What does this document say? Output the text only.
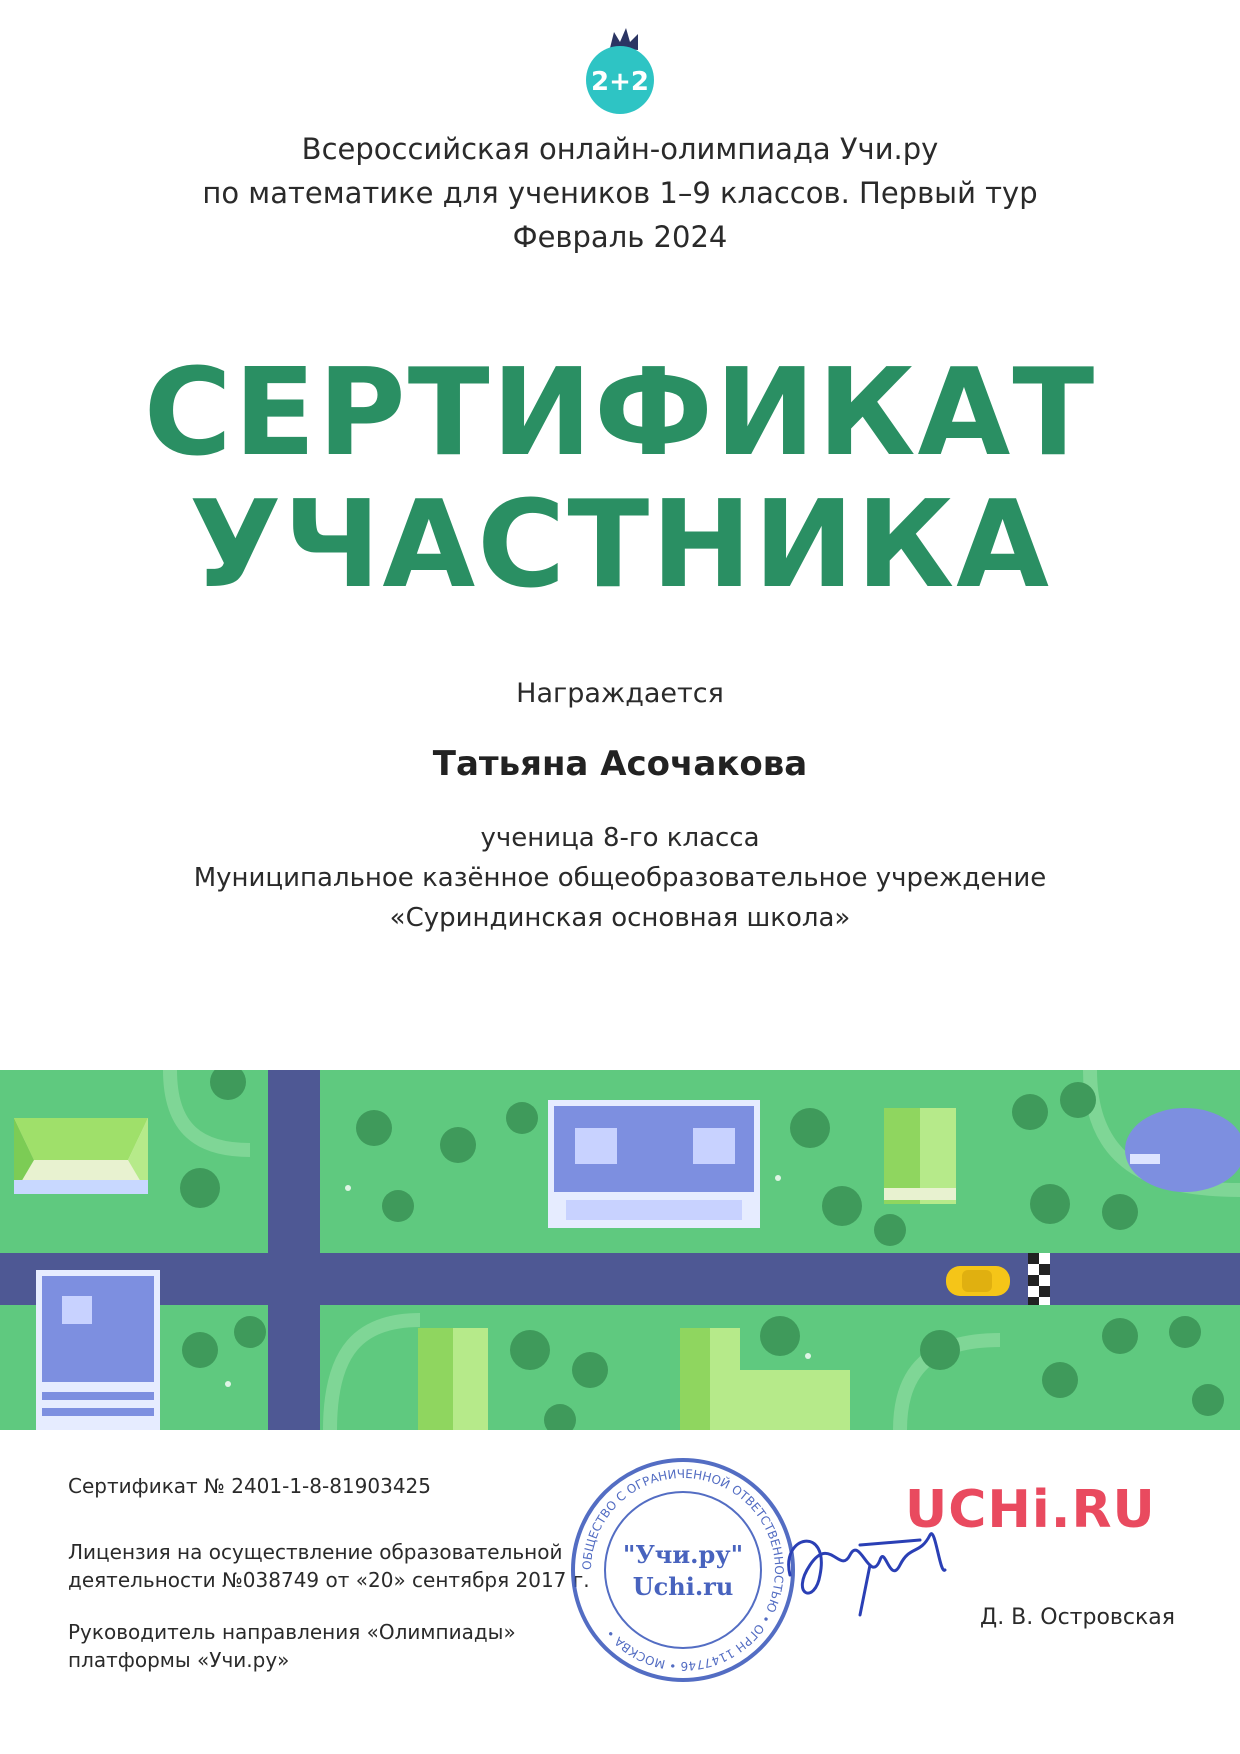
2+2
Всероссийская онлайн-олимпиада Учи.ру
по математике для учеников 1–9 классов. Первый тур
Февраль 2024
СЕРТИФИКАТ
УЧАСТНИКА
Награждается
Татьяна Асочакова
ученица 8-го класса
Муниципальное казённое общеобразовательное учреждение
«Суриндинская основная школа»
Сертификат № 2401-1-8-81903425
Лицензия на осуществление образовательной
деятельности №038749 от «20» сентября 2017 г.
Руководитель направления «Олимпиады»
платформы «Учи.ру»
ОБЩЕСТВО С ОГРАНИЧЕННОЙ ОТВЕТСТВЕННОСТЬЮ • ОГРН 1147746 • МОСКВА •
"Учи.ру"
Uchi.ru
UCHi.RU
Д. В. Островская
